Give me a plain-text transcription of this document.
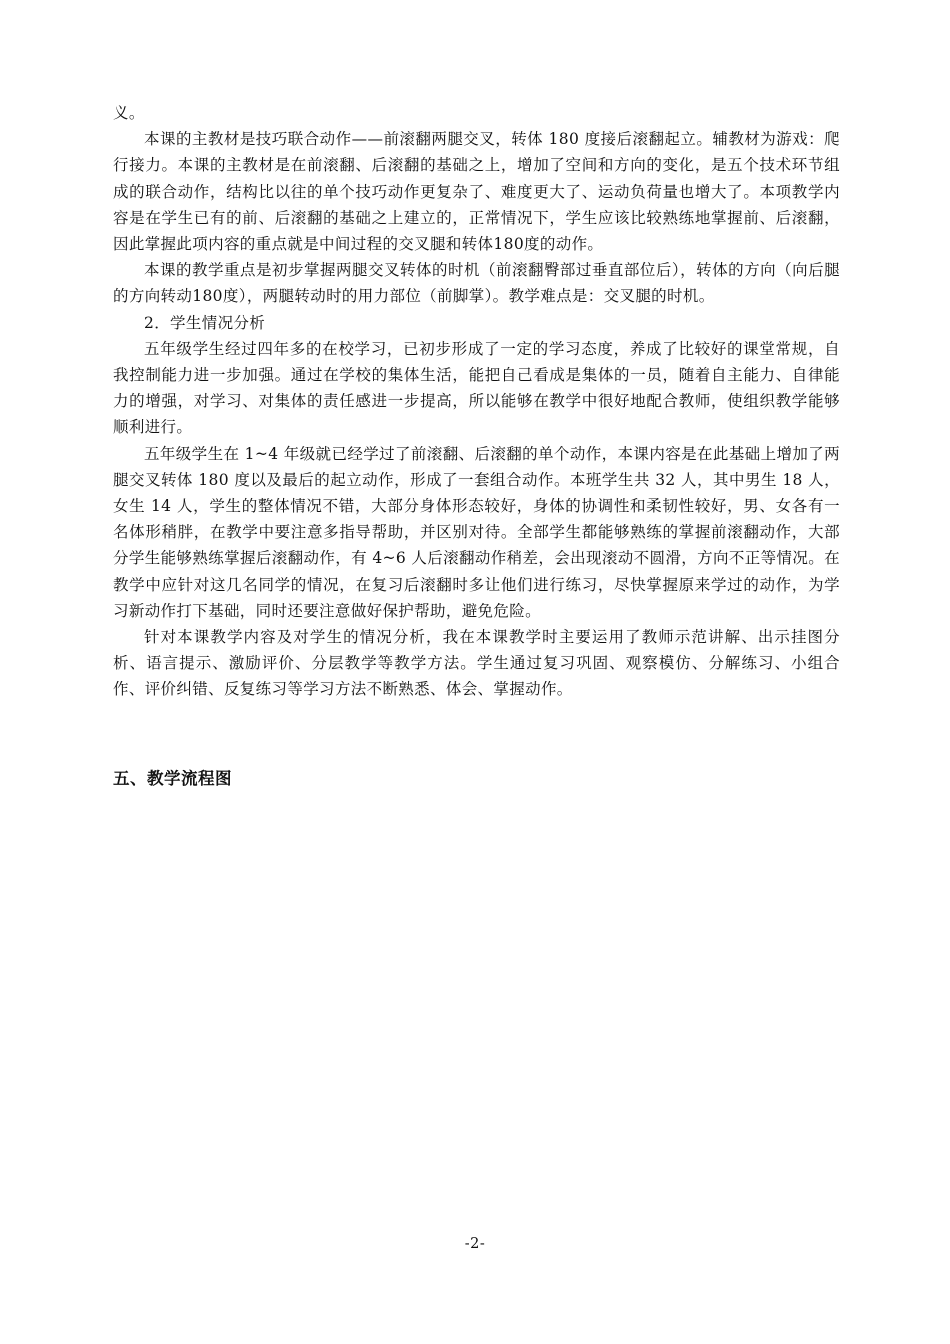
义。

本课的主教材是技巧联合动作——前滚翻两腿交叉，转体 180 度接后滚翻起立。辅教材为游戏：爬行接力。本课的主教材是在前滚翻、后滚翻的基础之上，增加了空间和方向的变化，是五个技术环节组成的联合动作，结构比以往的单个技巧动作更复杂了、难度更大了、运动负荷量也增大了。本项教学内容是在学生已有的前、后滚翻的基础之上建立的，正常情况下，学生应该比较熟练地掌握前、后滚翻，因此掌握此项内容的重点就是中间过程的交叉腿和转体180度的动作。

本课的教学重点是初步掌握两腿交叉转体的时机（前滚翻臀部过垂直部位后），转体的方向（向后腿的方向转动180度），两腿转动时的用力部位（前脚掌）。教学难点是：交叉腿的时机。

2．学生情况分析

五年级学生经过四年多的在校学习，已初步形成了一定的学习态度，养成了比较好的课堂常规，自我控制能力进一步加强。通过在学校的集体生活，能把自己看成是集体的一员，随着自主能力、自律能力的增强，对学习、对集体的责任感进一步提高，所以能够在教学中很好地配合教师，使组织教学能够顺利进行。

五年级学生在 1~4 年级就已经学过了前滚翻、后滚翻的单个动作，本课内容是在此基础上增加了两腿交叉转体 180 度以及最后的起立动作，形成了一套组合动作。本班学生共 32 人，其中男生 18 人，女生 14 人，学生的整体情况不错，大部分身体形态较好，身体的协调性和柔韧性较好，男、女各有一名体形稍胖，在教学中要注意多指导帮助，并区别对待。全部学生都能够熟练的掌握前滚翻动作，大部分学生能够熟练掌握后滚翻动作，有 4~6 人后滚翻动作稍差，会出现滚动不圆滑，方向不正等情况。在教学中应针对这几名同学的情况，在复习后滚翻时多让他们进行练习，尽快掌握原来学过的动作，为学习新动作打下基础，同时还要注意做好保护帮助，避免危险。

针对本课教学内容及对学生的情况分析，我在本课教学时主要运用了教师示范讲解、出示挂图分析、语言提示、激励评价、分层教学等教学方法。学生通过复习巩固、观察模仿、分解练习、小组合作、评价纠错、反复练习等学习方法不断熟悉、体会、掌握动作。

五、教学流程图
-2-
